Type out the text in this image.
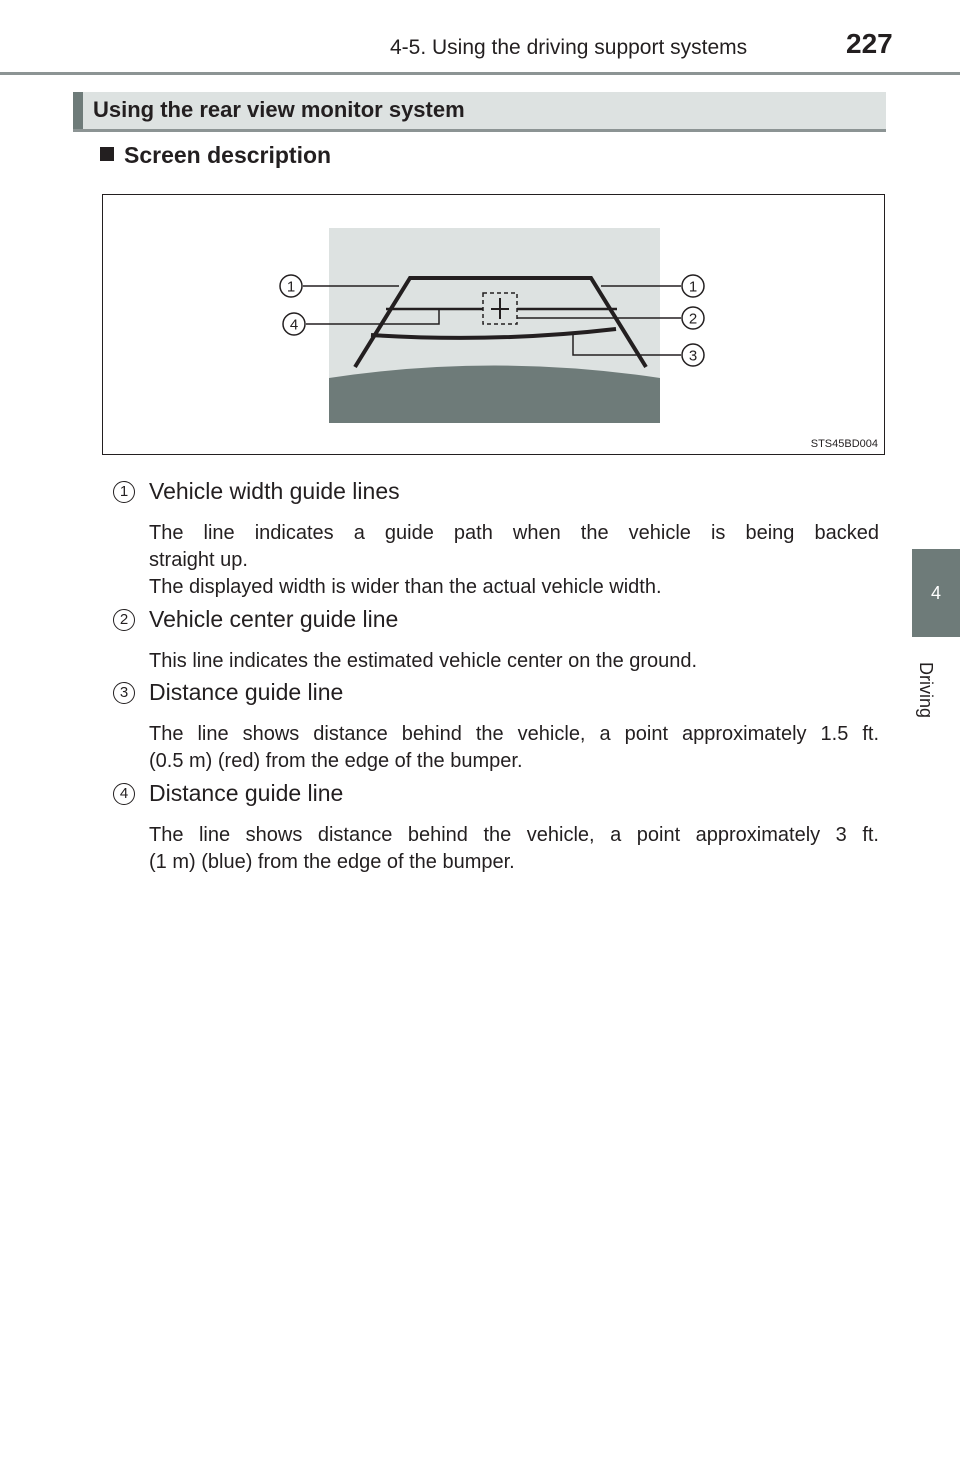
4-5. Using the driving support systems	227
4
Driving
Using the rear view monitor system
Screen description
1
4
1
2
3
STS45BD004
1 Vehicle width guide lines
The line indicates a guide path when the vehicle is being backed
straight up.
The displayed width is wider than the actual vehicle width.
2 Vehicle center guide line
This line indicates the estimated vehicle center on the ground.
3 Distance guide line
The line shows distance behind the vehicle, a point approximately 1.5 ft.
(0.5 m) (red) from the edge of the bumper.
4 Distance guide line
The line shows distance behind the vehicle, a point approximately 3 ft.
(1 m) (blue) from the edge of the bumper.
